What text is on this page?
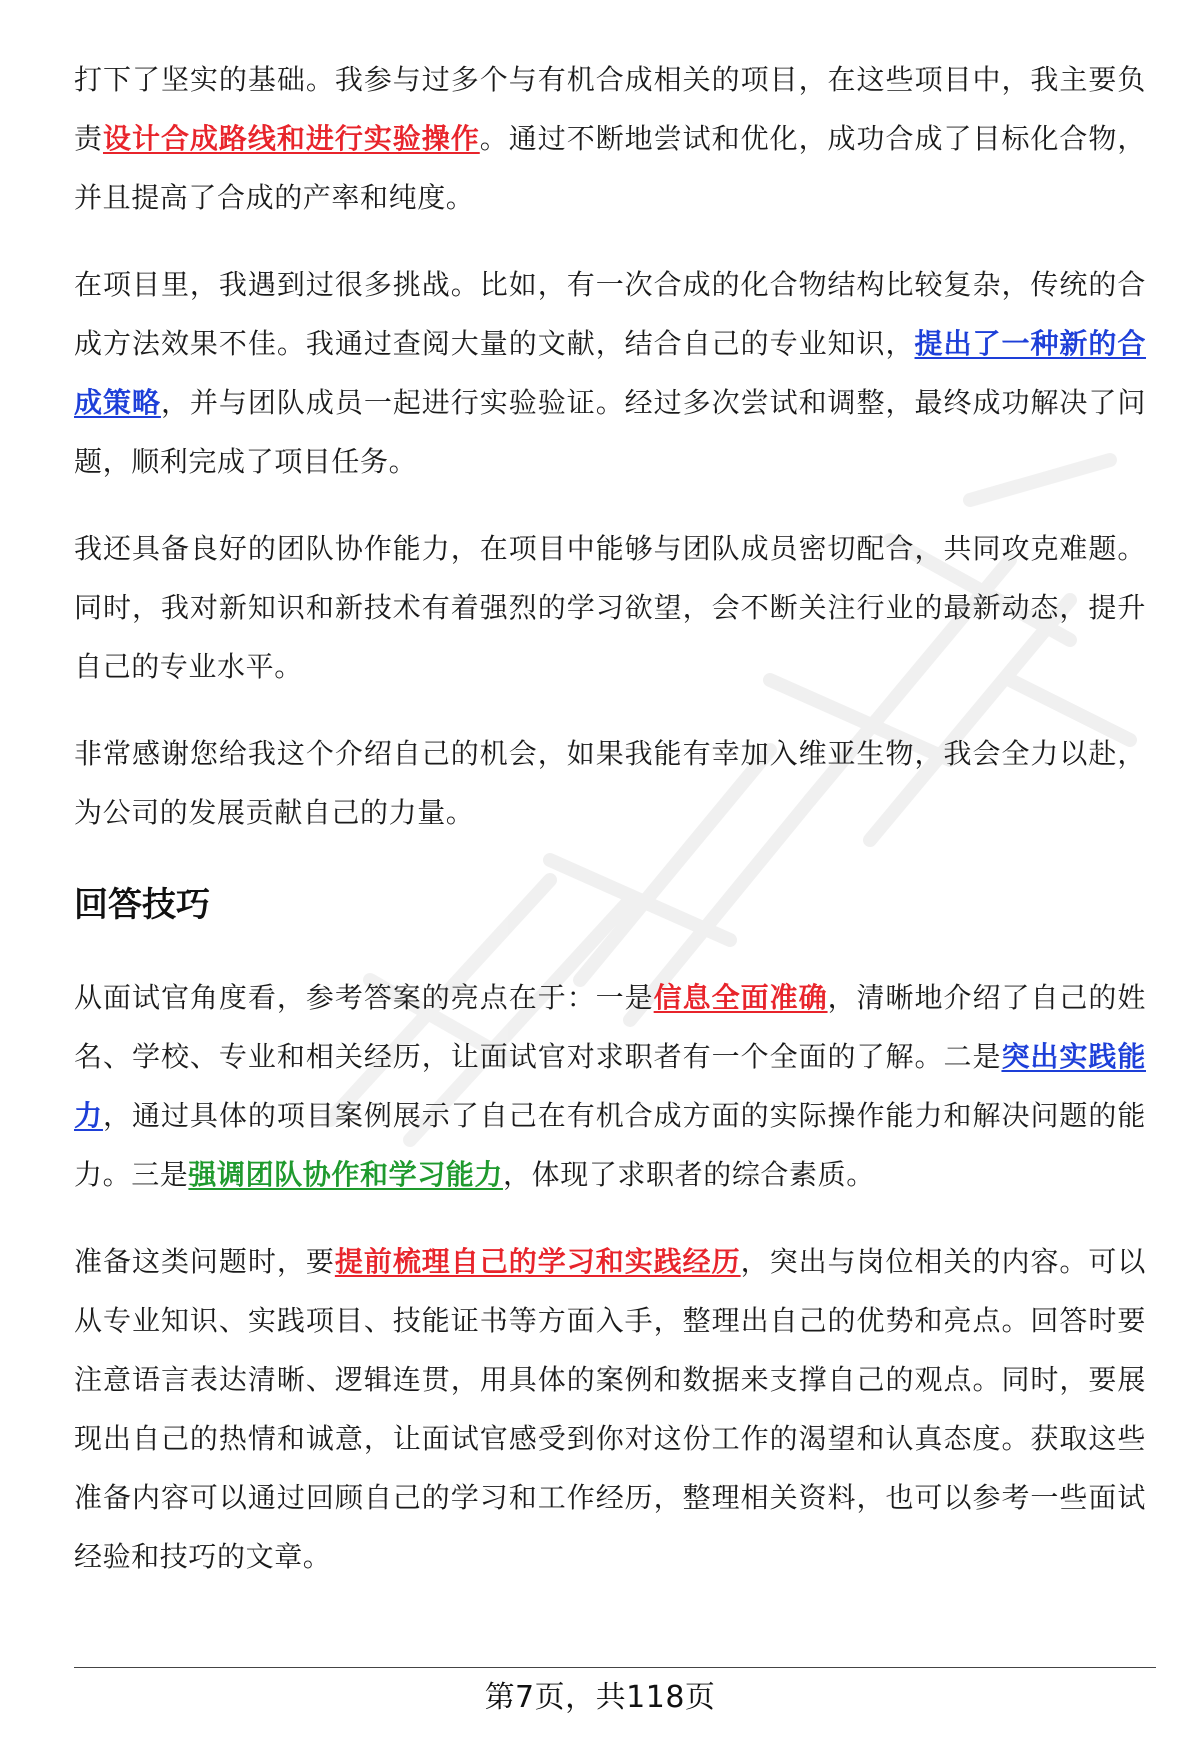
打下了坚实的基础。我参与过多个与有机合成相关的项目，在这些项目中，我主要负责设计合成路线和进行实验操作。通过不断地尝试和优化，成功合成了目标化合物，并且提高了合成的产率和纯度。

在项目里，我遇到过很多挑战。比如，有一次合成的化合物结构比较复杂，传统的合成方法效果不佳。我通过查阅大量的文献，结合自己的专业知识，提出了一种新的合成策略，并与团队成员一起进行实验验证。经过多次尝试和调整，最终成功解决了问题，顺利完成了项目任务。

我还具备良好的团队协作能力，在项目中能够与团队成员密切配合，共同攻克难题。同时，我对新知识和新技术有着强烈的学习欲望，会不断关注行业的最新动态，提升自己的专业水平。

非常感谢您给我这个介绍自己的机会，如果我能有幸加入维亚生物，我会全力以赴，为公司的发展贡献自己的力量。

回答技巧

从面试官角度看，参考答案的亮点在于：一是信息全面准确，清晰地介绍了自己的姓名、学校、专业和相关经历，让面试官对求职者有一个全面的了解。二是突出实践能力，通过具体的项目案例展示了自己在有机合成方面的实际操作能力和解决问题的能力。三是强调团队协作和学习能力，体现了求职者的综合素质。

准备这类问题时，要提前梳理自己的学习和实践经历，突出与岗位相关的内容。可以从专业知识、实践项目、技能证书等方面入手，整理出自己的优势和亮点。回答时要注意语言表达清晰、逻辑连贯，用具体的案例和数据来支撑自己的观点。同时，要展现出自己的热情和诚意，让面试官感受到你对这份工作的渴望和认真态度。获取这些准备内容可以通过回顾自己的学习和工作经历，整理相关资料，也可以参考一些面试经验和技巧的文章。

第7页，共118页
